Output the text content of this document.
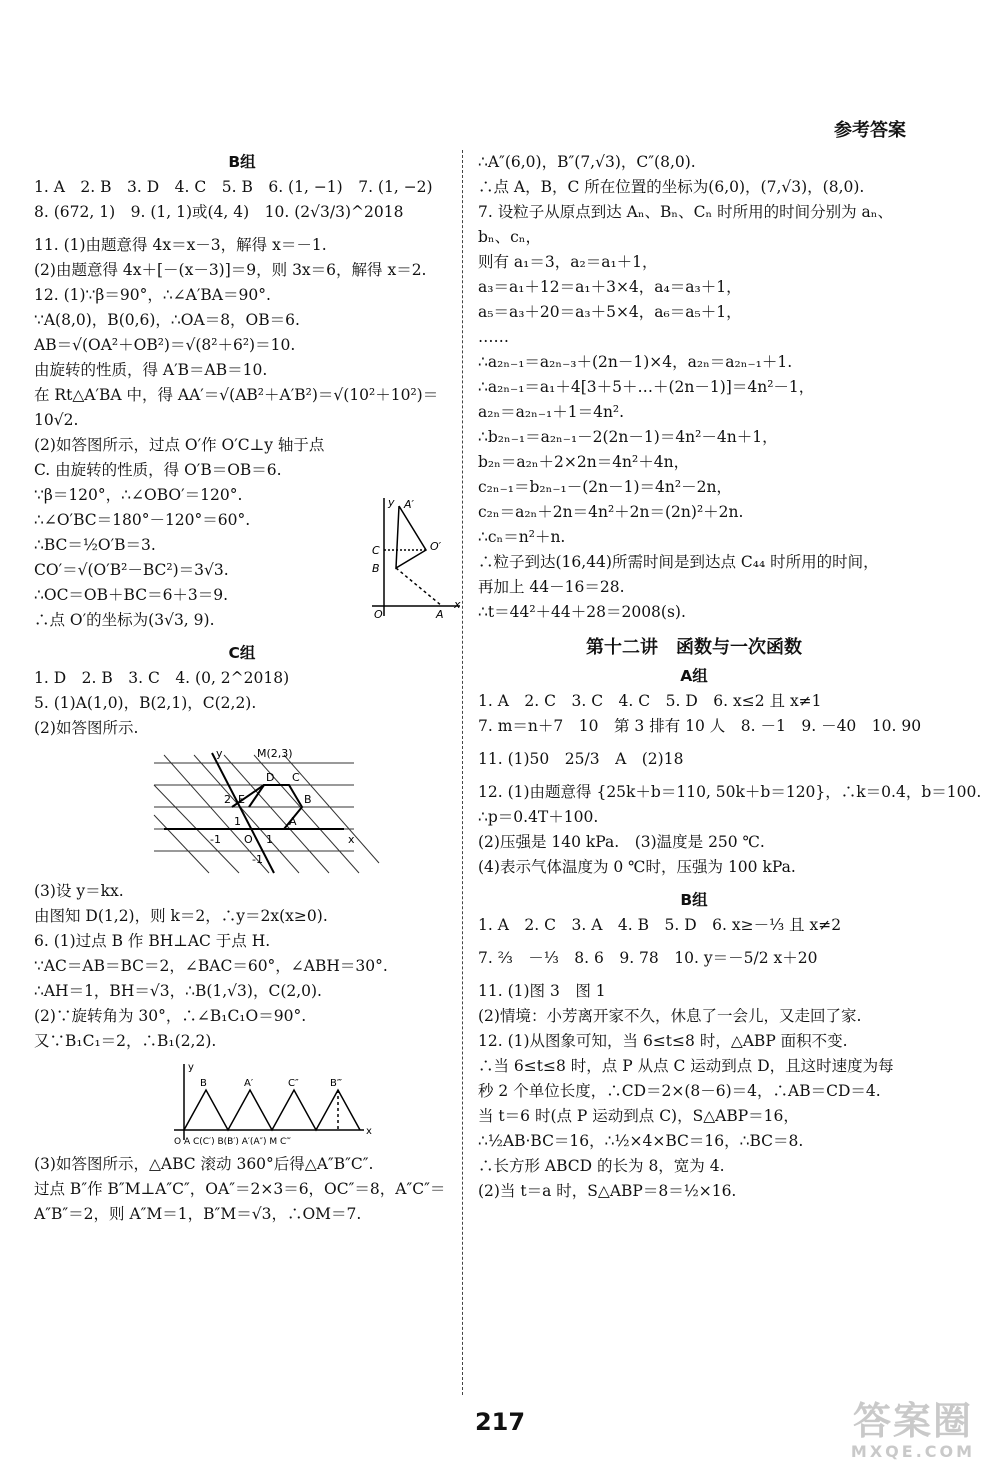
参考答案
B组
1. A　2. B　3. D　4. C　5. B　6. (1, −1)　7. (1, −2)
8. (672, 1)　9. (1, 1)或(4, 4)　10. (2√3/3)^2018
11. (1)由题意得 4x＝x－3，解得 x＝－1.
(2)由题意得 4x＋[－(x－3)]＝9，则 3x＝6，解得 x＝2.
12. (1)∵β＝90°，∴∠A′BA＝90°.
∵A(8,0)，B(0,6)，∴OA＝8，OB＝6.
AB＝√(OA²＋OB²)＝√(8²＋6²)＝10.
由旋转的性质，得 A′B＝AB＝10.
在 Rt△A′BA 中，得 AA′＝√(AB²＋A′B²)＝√(10²＋10²)＝
10√2.
(2)如答图所示，过点 O′作 O′C⊥y 轴于点
C. 由旋转的性质，得 O′B＝OB＝6.
∵β＝120°，∴∠OBO′＝120°.
∴∠O′BC＝180°－120°＝60°.
∴BC＝½O′B＝3.
CO′＝√(O′B²－BC²)＝3√3.
∴OC＝OB＋BC＝6＋3＝9.
∴点 O′的坐标为(3√3, 9).
C组
1. D　2. B　3. C　4. (0, 2^2018)
5. (1)A(1,0)，B(2,1)，C(2,2).
(2)如答图所示.
y	M(2,3)
D C
B
E
A
O
2
1
-1	1
-1
x
(3)设 y＝kx.
由图知 D(1,2)，则 k＝2，∴y＝2x(x≥0).
6. (1)过点 B 作 BH⊥AC 于点 H.
∵AC＝AB＝BC＝2，∠BAC＝60°，∠ABH＝30°.
∴AH＝1，BH＝√3，∴B(1,√3)，C(2,0).
(2)∵旋转角为 30°，∴∠B₁C₁O＝90°.
又∵B₁C₁＝2，∴B₁(2,2).
y
B	A′	C″	B‴
x
O A C(C′) B(B′) A′(A″) M C‴
(3)如答图所示，△ABC 滚动 360°后得△A″B″C″.
过点 B″作 B″M⊥A″C″，OA″＝2×3＝6，OC″＝8，A″C″＝
A″B″＝2，则 A″M＝1，B″M＝√3，∴OM＝7.
y A′
O′
C
B
O	A
x
∴A″(6,0)，B″(7,√3)，C″(8,0).
∴点 A，B，C 所在位置的坐标为(6,0)，(7,√3)，(8,0).
7. 设粒子从原点到达 Aₙ、Bₙ、Cₙ 时所用的时间分别为 aₙ、
bₙ、cₙ，
则有 a₁＝3，a₂＝a₁＋1，
a₃＝a₁＋12＝a₁＋3×4，a₄＝a₃＋1，
a₅＝a₃＋20＝a₃＋5×4，a₆＝a₅＋1，
……
∴a₂ₙ₋₁＝a₂ₙ₋₃＋(2n－1)×4，a₂ₙ＝a₂ₙ₋₁＋1.
∴a₂ₙ₋₁＝a₁＋4[3＋5＋…＋(2n－1)]＝4n²－1，
a₂ₙ＝a₂ₙ₋₁＋1＝4n².
∴b₂ₙ₋₁＝a₂ₙ₋₁－2(2n－1)＝4n²－4n＋1，
b₂ₙ＝a₂ₙ＋2×2n＝4n²＋4n，
c₂ₙ₋₁＝b₂ₙ₋₁－(2n－1)＝4n²－2n，
c₂ₙ＝a₂ₙ＋2n＝4n²＋2n＝(2n)²＋2n.
∴cₙ＝n²＋n.
∴粒子到达(16,44)所需时间是到达点 C₄₄ 时所用的时间，
再加上 44－16＝28.
∴t＝44²＋44＋28＝2008(s).
第十二讲　函数与一次函数
A组
1. A　2. C　3. C　4. C　5. D　6. x≤2 且 x≠1
7. m＝n＋7　10　第 3 排有 10 人　8. －1　9. －40　10. 90
11. (1)50　25/3　A　(2)18
12. (1)由题意得 {25k＋b＝110, 50k＋b＝120}，∴k＝0.4，b＝100.
∴p＝0.4T＋100.
(2)压强是 140 kPa.　(3)温度是 250 ℃.
(4)表示气体温度为 0 ℃时，压强为 100 kPa.
B组
1. A　2. C　3. A　4. B　5. D　6. x≥－⅓ 且 x≠2
7. ⅔　－⅓　8. 6　9. 78　10. y＝－5/2 x＋20
11. (1)图 3　图 1
(2)情境：小芳离开家不久，休息了一会儿，又走回了家.
12. (1)从图象可知，当 6≤t≤8 时，△ABP 面积不变.
∴当 6≤t≤8 时，点 P 从点 C 运动到点 D，且这时速度为每
秒 2 个单位长度，∴CD＝2×(8－6)＝4，∴AB＝CD＝4.
当 t＝6 时(点 P 运动到点 C)，S△ABP＝16，
∴½AB·BC＝16，∴½×4×BC＝16，∴BC＝8.
∴长方形 ABCD 的长为 8，宽为 4.
(2)当 t＝a 时，S△ABP＝8＝½×16.
217	答案圈
MXQE.COM
